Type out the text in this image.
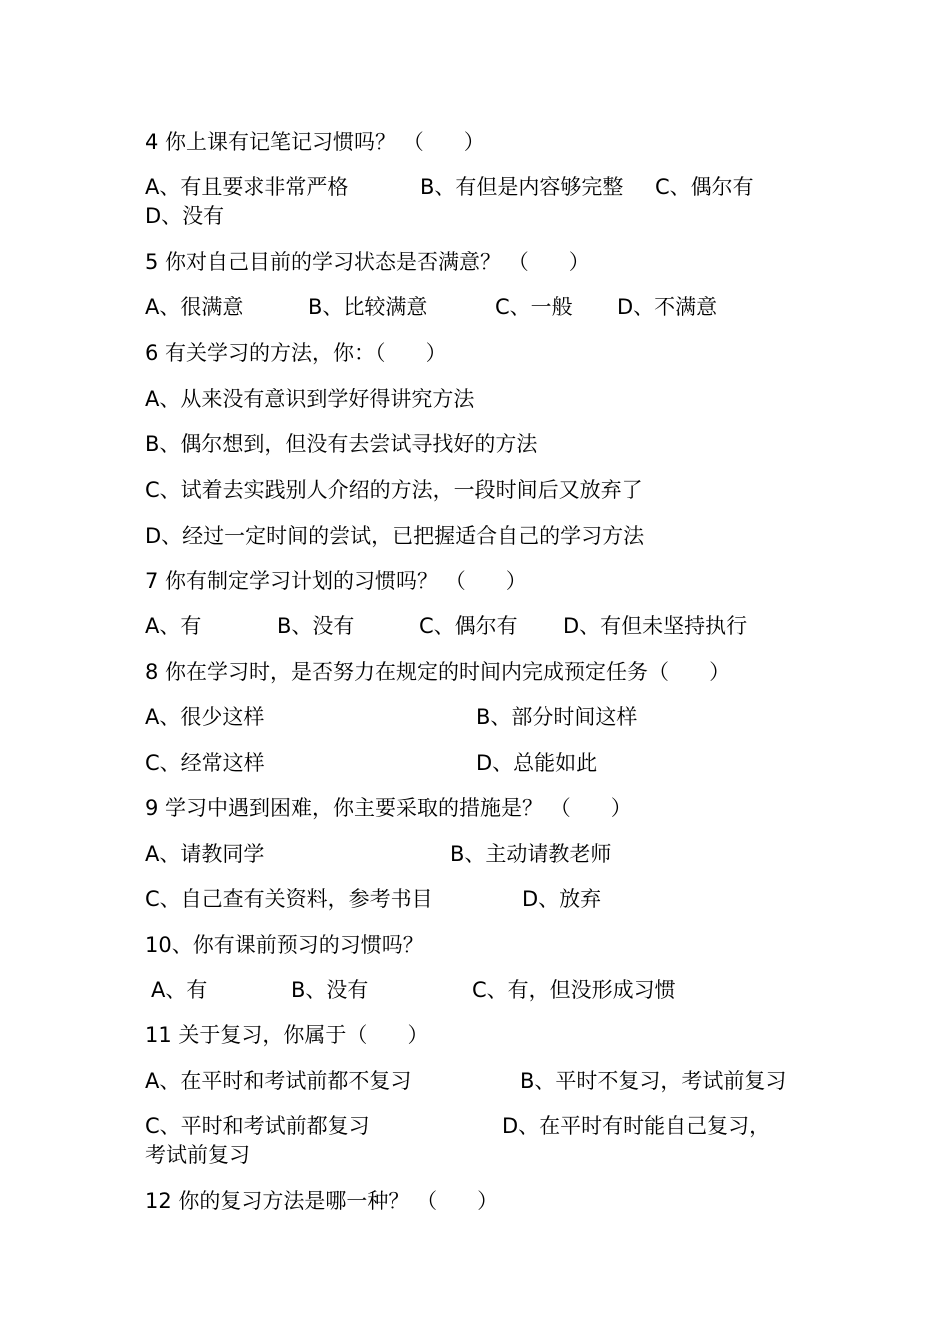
4 你上课有记笔记习惯吗？ （      ）
A、有且要求非常严格	B、有但是内容够完整 C、偶尔有
D、没有
5 你对自己目前的学习状态是否满意？ （      ）
A、很满意	B、比较满意	C、一般 D、不满意
6 有关学习的方法，你：（      ）
A、从来没有意识到学好得讲究方法
B、偶尔想到，但没有去尝试寻找好的方法
C、试着去实践别人介绍的方法，一段时间后又放弃了
D、经过一定时间的尝试，已把握适合自己的学习方法
7 你有制定学习计划的习惯吗？ （      ）
A、有	B、没有	C、偶尔有 D、有但未坚持执行
8 你在学习时，是否努力在规定的时间内完成预定任务（      ）
A、很少这样	B、部分时间这样
C、经常这样	D、总能如此
9 学习中遇到困难，你主要采取的措施是？ （      ）
A、请教同学	B、主动请教老师
C、自己查有关资料，参考书目	D、放弃
10、你有课前预习的习惯吗？
A、有	B、没有	C、有，但没形成习惯
11 关于复习，你属于（      ）
A、在平时和考试前都不复习	B、平时不复习，考试前复习
C、平时和考试前都复习	D、在平时有时能自己复习，
考试前复习
12 你的复习方法是哪一种？ （      ）
